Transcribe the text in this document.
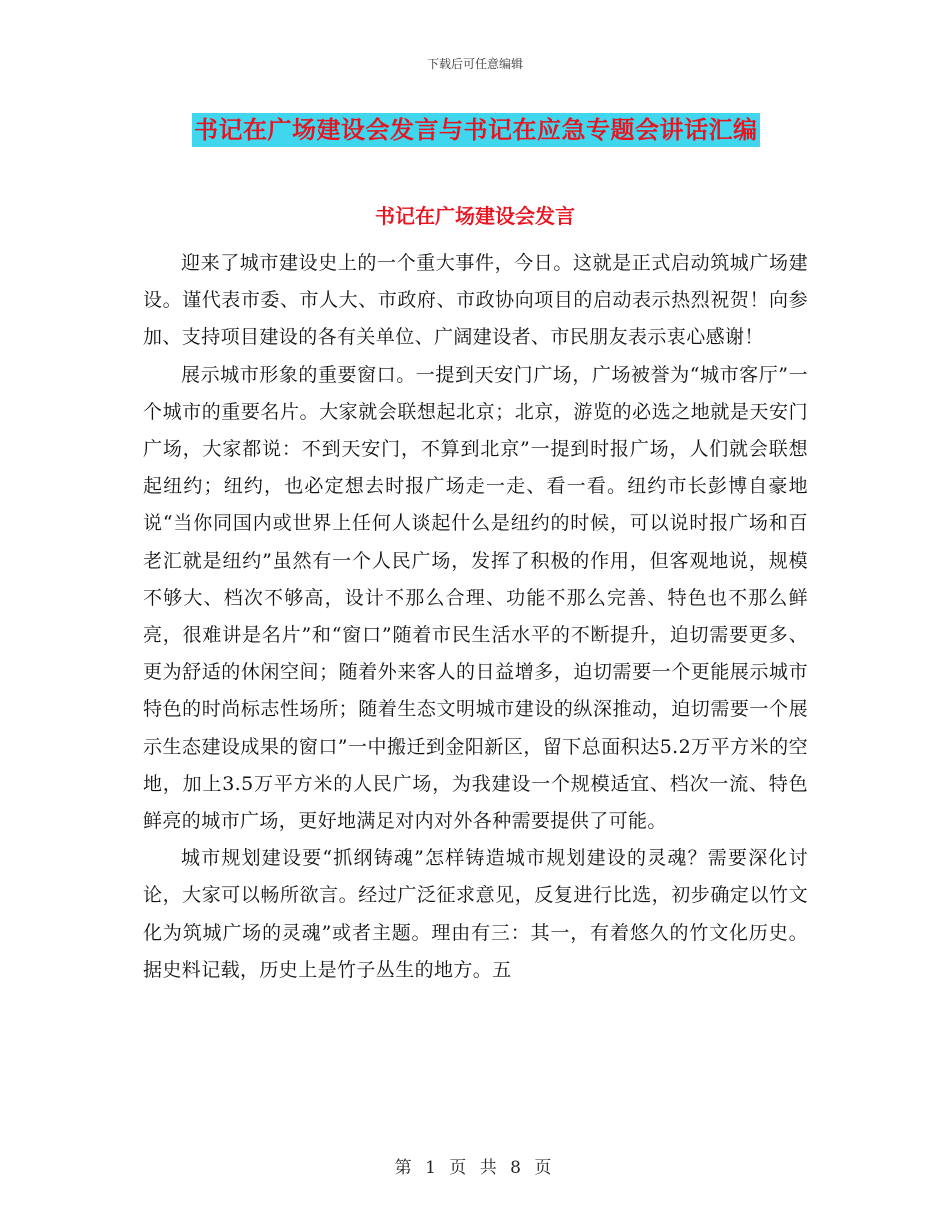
下载后可任意编辑
书记在广场建设会发言与书记在应急专题会讲话汇编
书记在广场建设会发言

迎来了城市建设史上的一个重大事件，今日。这就是正式启动筑城广场建设。谨代表市委、市人大、市政府、市政协向项目的启动表示热烈祝贺！向参加、支持项目建设的各有关单位、广阔建设者、市民朋友表示衷心感谢！

展示城市形象的重要窗口。一提到天安门广场，广场被誉为“城市客厅”一个城市的重要名片。大家就会联想起北京；北京，游览的必选之地就是天安门广场，大家都说：不到天安门，不算到北京”一提到时报广场，人们就会联想起纽约；纽约，也必定想去时报广场走一走、看一看。纽约市长彭博自豪地说“当你同国内或世界上任何人谈起什么是纽约的时候，可以说时报广场和百老汇就是纽约”虽然有一个人民广场，发挥了积极的作用，但客观地说，规模不够大、档次不够高，设计不那么合理、功能不那么完善、特色也不那么鲜亮，很难讲是名片”和“窗口”随着市民生活水平的不断提升，迫切需要更多、更为舒适的休闲空间；随着外来客人的日益增多，迫切需要一个更能展示城市特色的时尚标志性场所；随着生态文明城市建设的纵深推动，迫切需要一个展示生态建设成果的窗口”一中搬迁到金阳新区，留下总面积达5.2万平方米的空地，加上3.5万平方米的人民广场，为我建设一个规模适宜、档次一流、特色鲜亮的城市广场，更好地满足对内对外各种需要提供了可能。

城市规划建设要“抓纲铸魂”怎样铸造城市规划建设的灵魂？需要深化讨论，大家可以畅所欲言。经过广泛征求意见，反复进行比选，初步确定以竹文化为筑城广场的灵魂”或者主题。理由有三：其一，有着悠久的竹文化历史。据史料记载，历史上是竹子丛生的地方。五

第 1 页 共 8 页
